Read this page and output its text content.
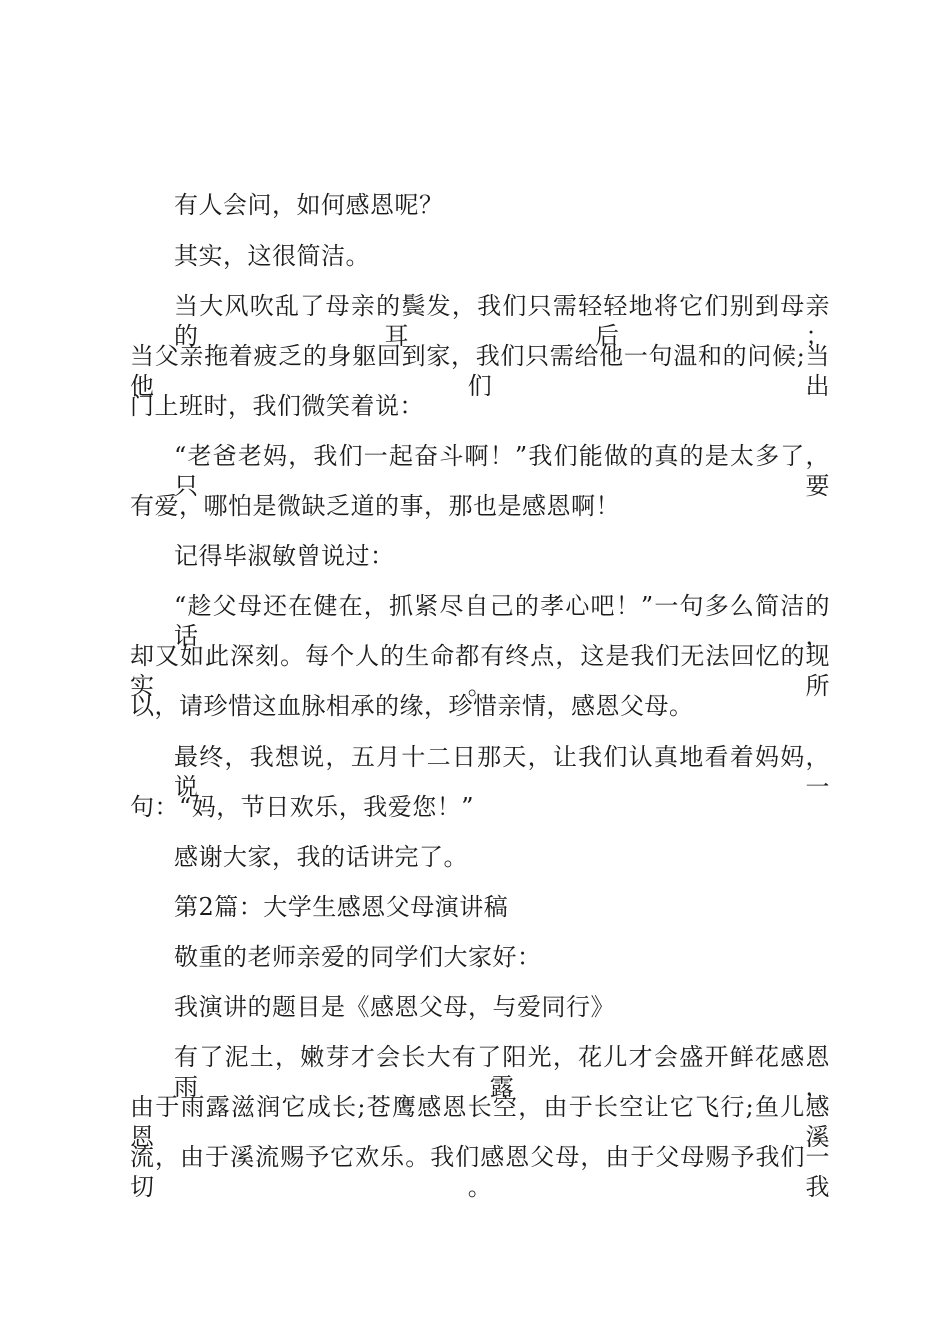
有人会问，如何感恩呢？
其实，这很简洁。
当大风吹乱了母亲的鬓发，我们只需轻轻地将它们别到母亲的耳后；
当父亲拖着疲乏的身躯回到家，我们只需给他一句温和的问候;当他们出
门上班时，我们微笑着说：
“老爸老妈，我们一起奋斗啊！”我们能做的真的是太多了，只要
有爱，哪怕是微缺乏道的事，那也是感恩啊！
记得毕淑敏曾说过：
“趁父母还在健在，抓紧尽自己的孝心吧！”一句多么简洁的话，
却又如此深刻。每个人的生命都有终点，这是我们无法回忆的现实。所
以，请珍惜这血脉相承的缘，珍惜亲情，感恩父母。
最终，我想说，五月十二日那天，让我们认真地看着妈妈，说一
句：“妈，节日欢乐，我爱您！”
感谢大家，我的话讲完了。
第2篇：大学生感恩父母演讲稿
敬重的老师亲爱的同学们大家好：
我演讲的题目是《感恩父母，与爱同行》
有了泥土，嫩芽才会长大有了阳光，花儿才会盛开鲜花感恩雨露，
由于雨露滋润它成长;苍鹰感恩长空，由于长空让它飞行;鱼儿感恩溪
流，由于溪流赐予它欢乐。我们感恩父母，由于父母赐予我们一切。我
